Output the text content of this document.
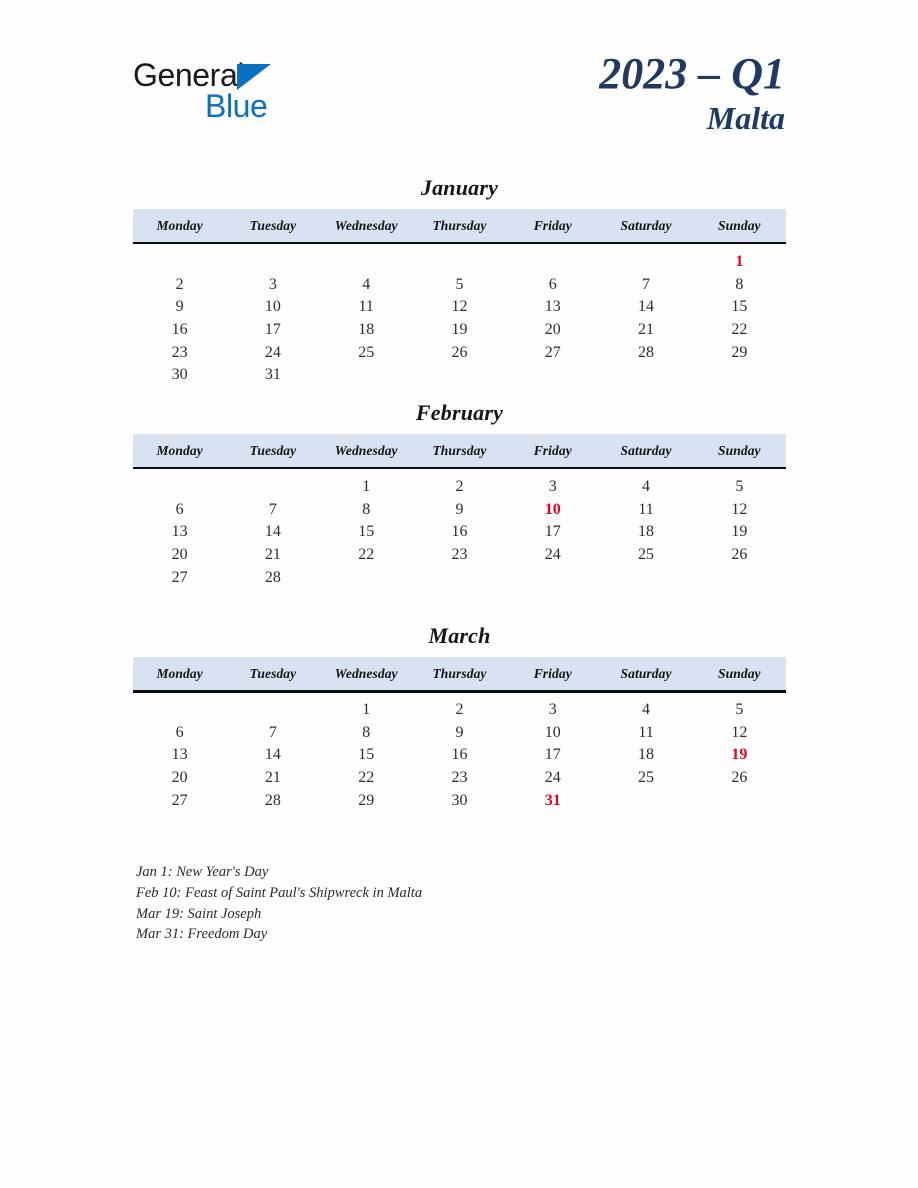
General
Blue
2023 – Q1
Malta
January
Monday	Tuesday	Wednesday	Thursday	Friday	Saturday	Sunday
						1
2	3	4	5	6	7	8
9	10	11	12	13	14	15
16	17	18	19	20	21	22
23	24	25	26	27	28	29
30	31					
February
Monday	Tuesday	Wednesday	Thursday	Friday	Saturday	Sunday
		1	2	3	4	5
6	7	8	9	10	11	12
13	14	15	16	17	18	19
20	21	22	23	24	25	26
27	28					
March
Monday	Tuesday	Wednesday	Thursday	Friday	Saturday	Sunday
		1	2	3	4	5
6	7	8	9	10	11	12
13	14	15	16	17	18	19
20	21	22	23	24	25	26
27	28	29	30	31		
Jan 1: New Year's Day
Feb 10: Feast of Saint Paul's Shipwreck in Malta
Mar 19: Saint Joseph
Mar 31: Freedom Day
